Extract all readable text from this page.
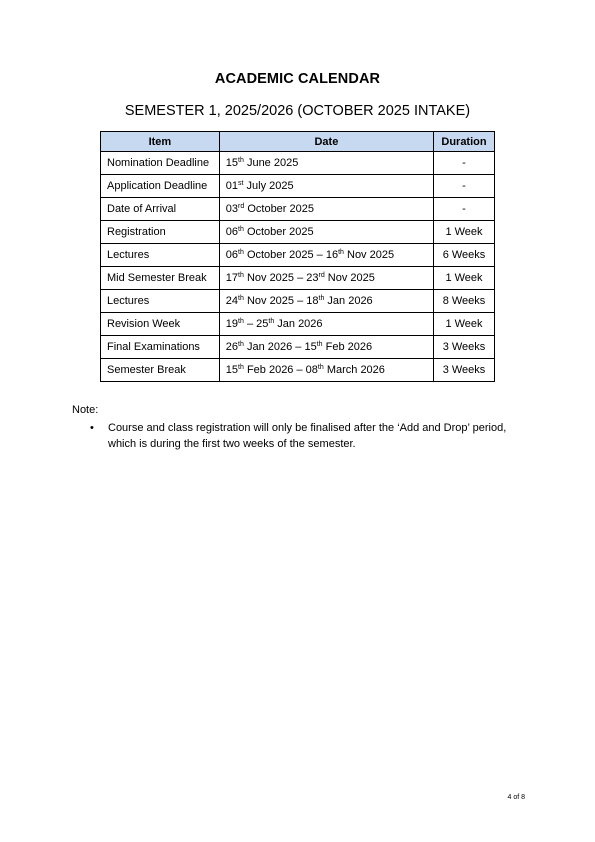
ACADEMIC CALENDAR
SEMESTER 1, 2025/2026 (OCTOBER 2025 INTAKE)
Item	Date	Duration
Nomination Deadline	15th June 2025	-
Application Deadline	01st July 2025	-
Date of Arrival	03rd October 2025	-
Registration	06th October 2025	1 Week
Lectures	06th October 2025 – 16th Nov 2025	6 Weeks
Mid Semester Break	17th Nov 2025 – 23rd Nov 2025	1 Week
Lectures	24th Nov 2025 – 18th Jan 2026	8 Weeks
Revision Week	19th – 25th Jan 2026	1 Week
Final Examinations	26th Jan 2026 – 15th Feb 2026	3 Weeks
Semester Break	15th Feb 2026 – 08th March 2026	3 Weeks
Note:
• Course and class registration will only be finalised after the ‘Add and Drop’ period,
which is during the first two weeks of the semester.
4 of 8
